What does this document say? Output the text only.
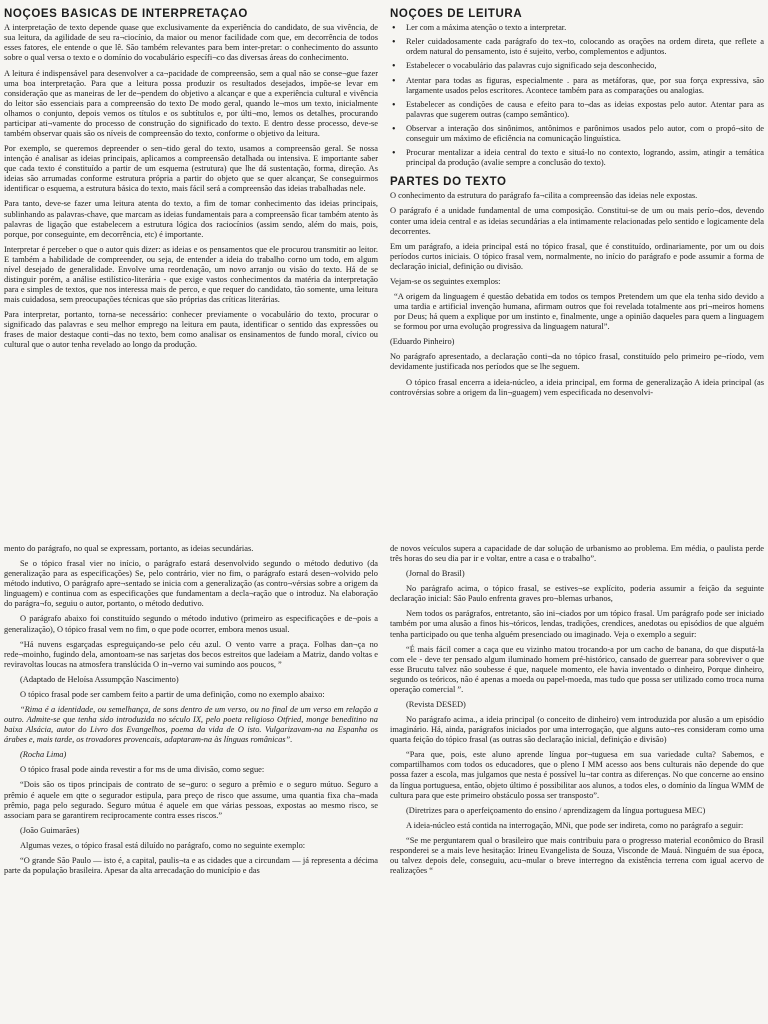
NOÇÕES BÁSICAS DE INTERPRETAÇÃO

A interpretação de texto depende quase que exclusivamente da experiência do candidato, de sua vivência, de sua leitura, da agilidade de seu ra¬ciocínio, da maior ou menor facilidade com que, em decorrência de todos esses fatores, ele entende o que lê. São também relevantes para bem inter-pretar: o conhecimento do assunto sobre o qual versa o texto e o domínio do vocabulário específi¬co das diversas áreas do conhecimento.

A leitura é indispensável para desenvolver a ca¬pacidade de compreensão, sem a qual não se conse¬gue fazer uma boa interpretação. Para que a leitura possa produzir os resultados desejados, impõe-se levar em consideração que as maneiras de ler de¬pendem do objetivo a alcançar e que a experiência cultural e vivência do leitor são essenciais para a compreensão do texto De modo geral, quando le¬mos um texto, inicialmente olhamos o conjunto, depois vemos os títulos e os subtítulos e, por últi¬mo, lemos os detalhes, procurando participar ati¬vamente do processo de construção do significado do texto. E dentro desse processo, deve-se também observar quais são os níveis de compreensão do texto, conforme o objetivo da leitura.

Por exemplo, se queremos depreender o sen¬tido geral do texto, usamos a compreensão geral. Se nossa intenção é analisar as ideias principais, aplicamos a compreensão detalhada ou intensiva. E importante saber que cada texto é constituído a partir de um esquema (estrutura) que lhe dá sustentação, forma, direção. As ideias são arrumadas conforme estrutura própria a partir do objeto que se quer alcançar, Se conseguirmos identificar o esquema, a estrutura básica do texto, mais fácil será a compreensão das ideias trabalhadas nele.

Para tanto, deve-se fazer uma leitura atenta do texto, a fim de tomar conhecimento das ideias principais, sublinhando as palavras-chave, que marcam as ideias fundamentais para a compreensão ficar também atento às palavras de ligação que estabelecem a estrutura lógica dos raciocínios (assim sendo, além do mais, pois, porque, por conseguinte, em decorrência, etc) é importante.

Interpretar é perceber o que o autor quis dizer: as ideias e os pensamentos que ele procurou transmitir ao leitor. E também a habilidade de compreender, ou seja, de entender a ideia do trabalho corno um todo, em algum nível desejado de generalidade. Envolve uma reordenação, um novo arranjo ou visão do texto. Há de se distinguir porém, a análise estilístico-literária - que exige vastos conhecimentos da matéria da interpretação para e simples de textos, que nos interessa mais de perco, e que requer do candidato, tão somente, uma leitura mais cuidadosa, sem preocupações técnicas que são próprias das críticas literárias.

Para interpretar, portanto, torna-se necessário: conhecer previamente o vocabulário do texto, procurar o significado das palavras e seu melhor emprego na leitura em pauta, identificar o sentido das expressões ou frases de maior destaque conti¬das no texto, bem como analisar os ensinamentos de fundo moral, cívico ou cultural que o autor tenha revelado ao longo da produção.

NOÇÕES DE LEITURA
• Ler com a máxima atenção o texto a interpretar.
• Reler cuidadosamente cada parágrafo do tex¬to, colocando as orações na ordem direta, que reflete a ordem natural do pensamento, isto é sujeito, verbo, complementos e adjuntos.
• Estabelecer o vocabulário das palavras cujo significado seja desconhecido,
• Atentar para todas as figuras, especialmente . para as metáforas, que, por sua força expressiva, são largamente usados pelos escritores. Acontece também para as comparações ou analogias.
• Estabelecer as condições de causa e efeito para to¬das as ideias expostas pelo autor. Atentar para as palavras que sugerem outras (campo semântico).
• Observar a interação dos sinônimos, antônimos e parônimos usados pelo autor, com o propó¬sito de conseguir um máximo de eficiência na comunicação linguística.
• Procurar mentalizar a ideia central do texto e situá-lo no contexto, logrando, assim, atingir a temática principal da produção (avalie sempre a conclusão do texto).
PARTES DO TEXTO

O conhecimento da estrutura do parágrafo fa¬cilita a compreensão das ideias nele expostas.

O parágrafo é a unidade fundamental de uma composição. Constitui-se de um ou mais perío¬dos, devendo conter uma ideia central e as ideias secundárias a ela intimamente relacionadas pelo sentido e logicamente dela decorrentes.

Em um parágrafo, a ideia principal está no tópico frasal, que é constituído, ordinariamente, por um ou dois períodos curtos iniciais. O tópico frasal vem, normalmente, no início do parágrafo e pode assumir a forma de declaração inicial, definição ou divisão.

Vejam-se os seguintes exemplos:

“A origem da linguagem é questão debatida em todos os tempos Pretendem um que ela tenha sido devido a uma tardia e artificial invenção humana, afirmam outros que foi revelada totalmente aos pri¬meiros homens por Deus; há quem a explique por um instinto e, finalmente, unge a opinião daqueles para quem a linguagem se formou por urna evolução progressiva da linguagem natural”.

(Eduardo Pinheiro)

No parágrafo apresentado, a declaração conti¬da no tópico frasal, constituído pelo primeiro pe¬ríodo, vem devidamente justificada nos períodos que se lhe seguem.

O tópico frasal encerra a ideia-núcleo, a ideia principal, em forma de generalização A ideia principal (as controvérsias sobre a origem da lin¬guagem) vem especificada no desenvolvi-

mento do parágrafo, no qual se expressam, portanto, as ideias secundárias.

Se o tópico frasal vier no início, o parágrafo estará desenvolvido segundo o método dedutivo (da generalização para as especificações) Se, pelo contrário, vier no fim, o parágrafo estará desen¬volvido pelo método indutivo, O parágrafo apre¬sentado se inicia com a generalização (as contro¬vérsias sobre a origem da linguagem) e continua com as especificações que fundamentam a decla¬ração que o introduz. Na elaboração do parágra¬fo, seguiu o autor, portanto, o método dedutivo.

O parágrafo abaixo foi constituído segundo o método indutivo (primeiro as especificações e de¬pois a generalização), O tópico frasal vem no fim, o que pode ocorrer, embora menos usual.

“Há nuvens esgarçadas espreguiçando-se pelo céu azul. O vento varre a praça. Folhas dan¬ça no rede¬moinho, fugindo dela, amontoam-se nas sarjetas dos becos estreitos que ladeiam a Matriz, dando voltas e reviravoltas loucas na atmosfera translúcida O in¬verno vai sumindo aos poucos, ”

(Adaptado de Heloísa Assumpção Nascimento)

O tópico frasal pode ser cambem feito a partir de uma definição, como no exemplo abaixo:

“Rima é a identidade, ou semelhança, de sons dentro de um verso, ou no final de um verso em relação a outro. Admite-se que tenha sido introduzida no século IX, pelo poeta religioso Otfried, monge beneditino na baixa Alsácia, autor do Livro dos Evangelhos, poema da vida de O isto. Vulgarizavam-na na Espanha os árabes e, mais tarde, os trovadores provencais, adaptaram-na às línguas românicas”.

(Rocha Lima)

O tópico frasal pode ainda revestir a for ms de uma divisão, como segue:

“Dois são os tipos principais de contrato de se¬guro: o seguro a prêmio e o seguro mútuo. Seguro a prêmio é aquele em qtte o segurador estipula, para preço de risco que assume, uma quantia fixa cha¬mada prêmio, paga pelo segurado. Seguro mútua é aquele em que várias pessoas, expostas ao mesmo risco, se associam para se garantirem reciprocamente contra esses riscos.”

(João Guimarães)

Algumas vezes, o tópico frasal está diluído no parágrafo, como no seguinte exemplo:

“O grande São Paulo — isto é, a capital, paulis¬ta e as cidades que a circundam — já representa a décima parte da população brasileira. Apesar da alta arrecadação do município e das

de novos veículos supera a capacidade de dar solução de urbanismo ao problema. Em média, o paulista perde três horas do seu dia par ir e voltar, entre a casa e o trabalho”.

(Jornal do Brasil)

No parágrafo acima, o tópico frasal, se estives¬se explícito, poderia assumir a feição da seguinte declaração inicial: São Paulo enfrenta graves pro¬blemas urbanos,

Nem todos os parágrafos, entretanto, são ini¬ciados por um tópico frasal. Um parágrafo pode ser iniciado também por uma alusão a finos his¬tóricos, lendas, tradições, crendices, anedotas ou episódios de que alguém tenha participado ou que tenha alguém presenciado ou imaginado. Veja o exemplo a seguir:

“É mais fácil comer a caça que eu vizinho matou trocando-a por um cacho de banana, do que disputá-la com ele - deve ter pensado algum iluminado homem pré-histórico, cansado de guerrear para sobreviver o que esse Brucutu talvez não soubesse é que, naquele momento, ele havia inventado o dinheiro, Porque dinheiro, segundo os teóricos, não é apenas a moeda ou papel-moeda, mas tudo que possa ser utilizado como troca numa operação comercial ”.

(Revista DESED)

No parágrafo acima., a ideia principal (o conceito de dinheiro) vem introduzida por alusão a um episódio imaginário. Há, ainda, parágrafos iniciados por uma interrogação, que alguns auto¬res consideram como uma quarta feição do tópico frasal (as outras são declaração inicial, definição e divisão)

“Para que, pois, este aluno aprende língua por¬tuguesa em sua variedade culta? Sabemos, e compartilhamos com todos os educadores, que o pleno I MM acesso aos bens culturais não depende do que possa fazer a escola, mas julgamos que nesta é possível lu¬tar contra as diferenças. No que concerne ao ensino da língua portuguesa, então, objeto último é possibilitar aos alunos, a todos eles, o domínio da língua WMM de cultura para que este primeiro obstáculo possa ser transposto”.

(Diretrizes para o aperfeiçoamento do ensino / aprendizagem da língua portuguesa MEC)

A ideia-núcleo está contida na interrogação, MNi, que pode ser indireta, como no parágrafo a seguir:

“Se me perguntarem qual o brasileiro que mais contribuiu para o progresso material econômico do Brasil responderei se a mais leve hesitação: Irineu Evangelista de Souza, Visconde de Mauá. Ninguém de sua época, ou talvez depois dele, conseguiu, acu¬mular o breve interregno da existência terrena com igual acervo de realizações “
